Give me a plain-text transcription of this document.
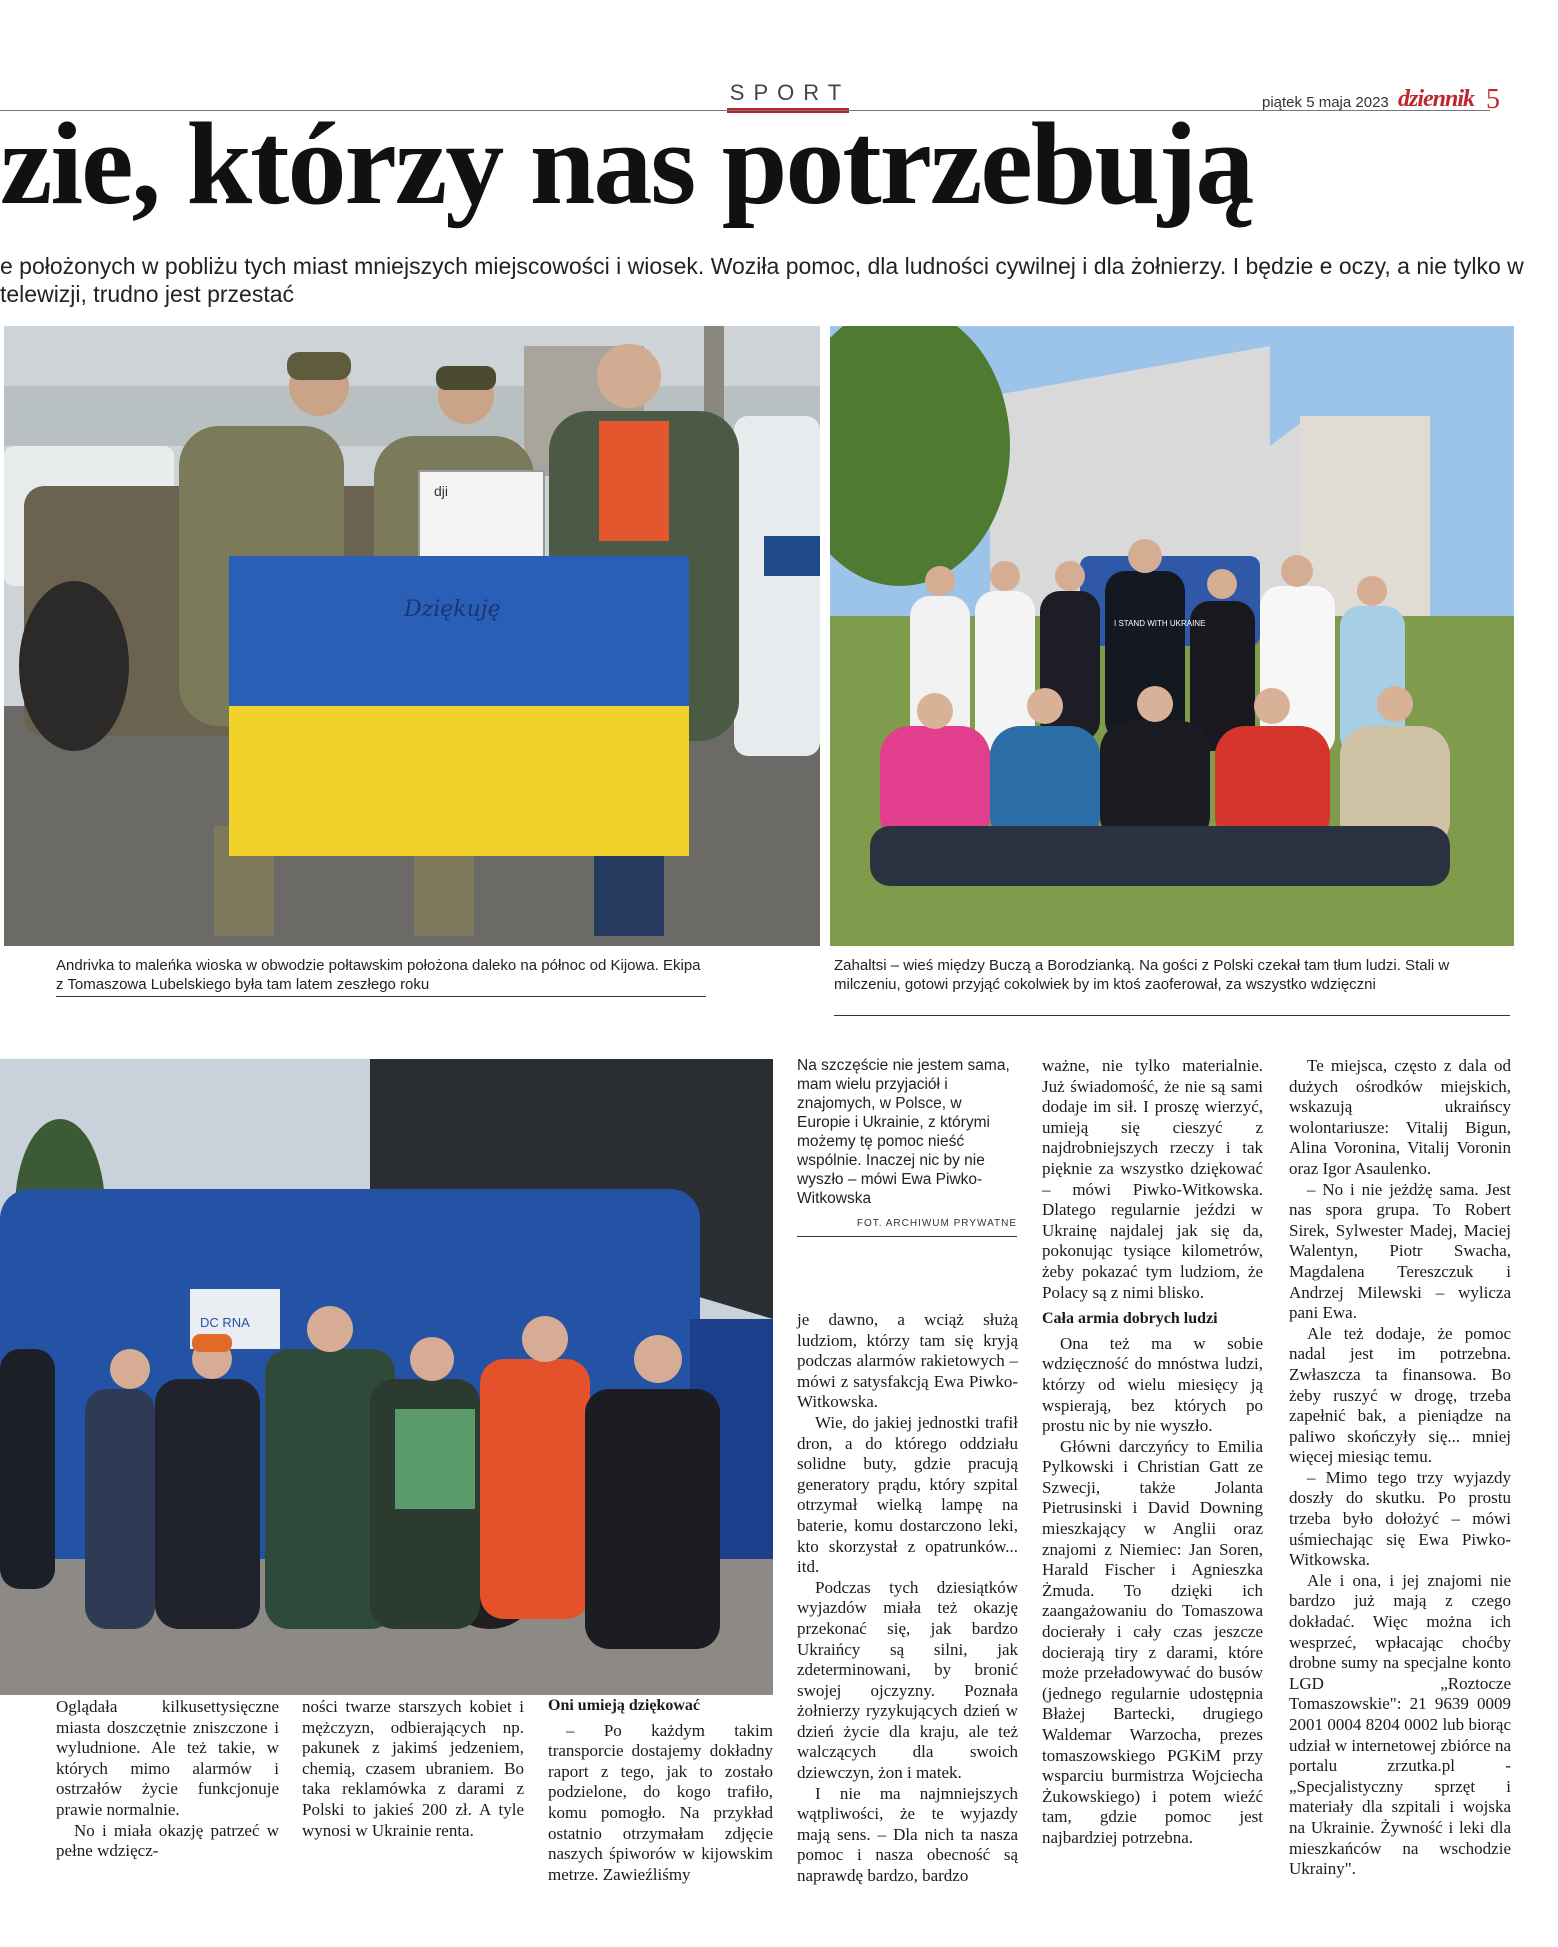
SPORT	piątek 5 maja 2023 dziennik 5
zie, którzy nas potrzebują
e położonych w pobliżu tych miast mniejszych miejscowości i wiosek. Woziła pomoc, dla ludności cywilnej i dla żołnierzy. I będzie e oczy, a nie tylko w telewizji, trudno jest przestać
dji
Dziękuję
Andrivka to maleńka wioska w obwodzie połtawskim położona daleko na północ od Kijowa. Ekipa z Tomaszowa Lubelskiego była tam latem zeszłego roku
I STAND WITH UKRAINE
Zahaltsi – wieś między Buczą a Borodzianką. Na gości z Polski czekał tam tłum ludzi. Stali w milczeniu, gotowi przyjąć cokolwiek by im ktoś zaoferował, za wszystko wdzięczni
DC RNA
Na szczęście nie jestem sama, mam wielu przyjaciół i znajomych, w Polsce, w Europie i Ukrainie, z którymi możemy tę pomoc nieść wspólnie. Inaczej nic by nie wyszło – mówi Ewa Piwko-Witkowska
FOT. ARCHIWUM PRYWATNE

Oglądała kilkusettysięczne miasta doszczętnie zniszczone i wyludnione. Ale też takie, w których mimo alarmów i ostrzałów życie funkcjonuje prawie normalnie.

No i miała okazję patrzeć w pełne wdzięcz-

ności twarze starszych kobiet i mężczyzn, odbierających np. pakunek z jakimś jedzeniem, chemią, czasem ubraniem. Bo taka reklamówka z darami z Polski to jakieś 200 zł. A tyle wynosi w Ukrainie renta.

Oni umieją dziękować

– Po każdym takim transporcie dostajemy dokładny raport z tego, jak to zostało podzielone, do kogo trafiło, komu pomogło. Na przykład ostatnio otrzymałam zdjęcie naszych śpiworów w kijowskim metrze. Zawieźliśmy

je dawno, a wciąż służą ludziom, którzy tam się kryją podczas alarmów rakietowych – mówi z satysfakcją Ewa Piwko-Witkowska.

Wie, do jakiej jednostki trafił dron, a do którego oddziału solidne buty, gdzie pracują generatory prądu, który szpital otrzymał wielką lampę na baterie, komu dostarczono leki, kto skorzystał z opatrunków... itd.

Podczas tych dziesiątków wyjazdów miała też okazję przekonać się, jak bardzo Ukraińcy są silni, jak zdeterminowani, by bronić swojej ojczyzny. Poznała żołnierzy ryzykujących dzień w dzień życie dla kraju, ale też walczących dla swoich dziewczyn, żon i matek.

I nie ma najmniejszych wątpliwości, że te wyjazdy mają sens. – Dla nich ta nasza pomoc i nasza obecność są naprawdę bardzo, bardzo

ważne, nie tylko materialnie. Już świadomość, że nie są sami dodaje im sił. I proszę wierzyć, umieją się cieszyć z najdrobniejszych rzeczy i tak pięknie za wszystko dziękować – mówi Piwko-Witkowska. Dlatego regularnie jeździ w Ukrainę najdalej jak się da, pokonując tysiące kilometrów, żeby pokazać tym ludziom, że Polacy są z nimi blisko.

Cała armia dobrych ludzi

Ona też ma w sobie wdzięczność do mnóstwa ludzi, którzy od wielu miesięcy ją wspierają, bez których po prostu nic by nie wyszło.

Główni darczyńcy to Emilia Pylkowski i Christian Gatt ze Szwecji, także Jolanta Pietrusinski i David Downing mieszkający w Anglii oraz znajomi z Niemiec: Jan Soren, Harald Fischer i Agnieszka Żmuda. To dzięki ich zaangażowaniu do Tomaszowa docierały i cały czas jeszcze docierają tiry z darami, które może przeładowywać do busów (jednego regularnie udostępnia Błażej Bartecki, drugiego Waldemar Warzocha, prezes tomaszowskiego PGKiM przy wsparciu burmistrza Wojciecha Żukowskiego) i potem wieźć tam, gdzie pomoc jest najbardziej potrzebna.

Te miejsca, często z dala od dużych ośrodków miejskich, wskazują ukraińscy wolontariusze: Vitalij Bigun, Alina Voronina, Vitalij Voronin oraz Igor Asaulenko.

– No i nie jeżdżę sama. Jest nas spora grupa. To Robert Sirek, Sylwester Madej, Maciej Walentyn, Piotr Swacha, Magdalena Tereszczuk i Andrzej Milewski – wylicza pani Ewa.

Ale też dodaje, że pomoc nadal jest im potrzebna. Zwłaszcza ta finansowa. Bo żeby ruszyć w drogę, trzeba zapełnić bak, a pieniądze na paliwo skończyły się... mniej więcej miesiąc temu.

– Mimo tego trzy wyjazdy doszły do skutku. Po prostu trzeba było dołożyć – mówi uśmiechając się Ewa Piwko-Witkowska.

Ale i ona, i jej znajomi nie bardzo już mają z czego dokładać. Więc można ich wesprzeć, wpłacając choćby drobne sumy na specjalne konto LGD „Roztocze Tomaszowskie": 21 9639 0009 2001 0004 8204 0002 lub biorąc udział w internetowej zbiórce na portalu zrzutka.pl - „Specjalistyczny sprzęt i materiały dla szpitali i wojska na Ukrainie. Żywność i leki dla mieszkańców na wschodzie Ukrainy".
